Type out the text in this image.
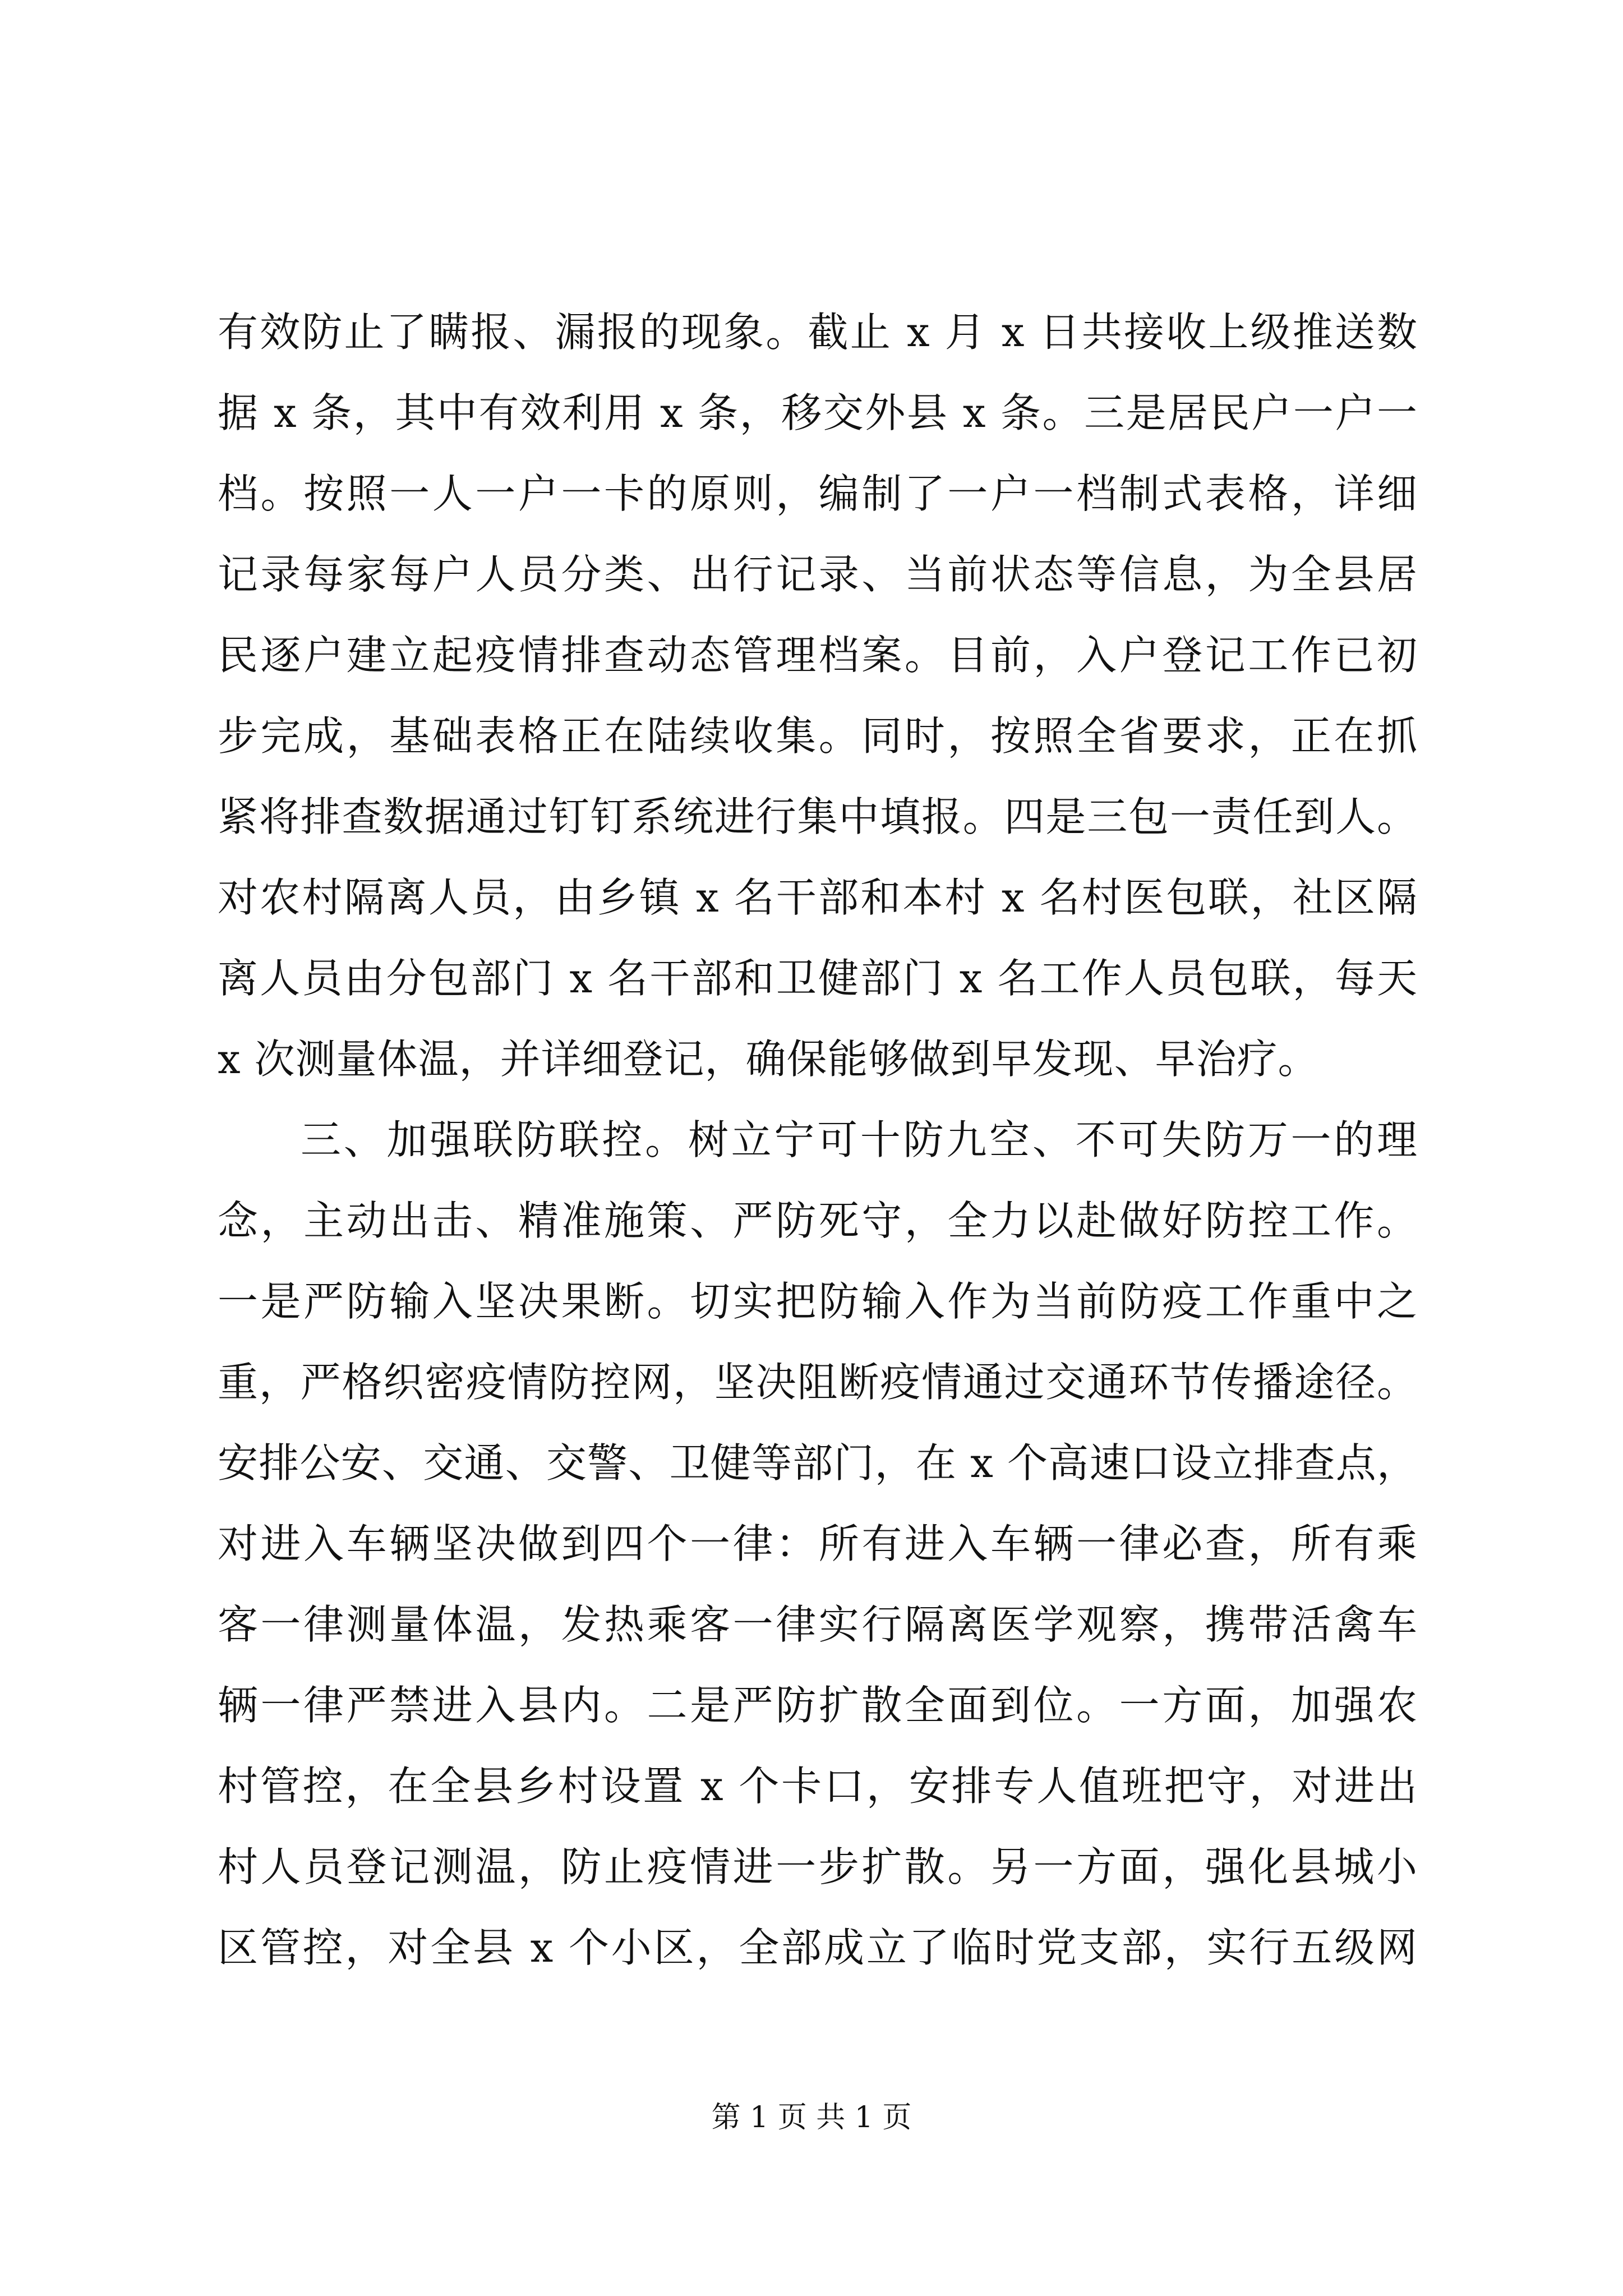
有效防止了瞒报、漏报的现象。截止 x 月 x 日共接收上级推送数
据 x 条，其中有效利用 x 条，移交外县 x 条。三是居民户一户一
档。按照一人一户一卡的原则，编制了一户一档制式表格，详细
记录每家每户人员分类、出行记录、当前状态等信息，为全县居
民逐户建立起疫情排查动态管理档案。目前，入户登记工作已初
步完成，基础表格正在陆续收集。同时，按照全省要求，正在抓
紧将排查数据通过钉钉系统进行集中填报。四是三包一责任到人。
对农村隔离人员，由乡镇 x 名干部和本村 x 名村医包联，社区隔
离人员由分包部门 x 名干部和卫健部门 x 名工作人员包联，每天
x 次测量体温，并详细登记，确保能够做到早发现、早治疗。
三、加强联防联控。树立宁可十防九空、不可失防万一的理
念，主动出击、精准施策、严防死守，全力以赴做好防控工作。
一是严防输入坚决果断。切实把防输入作为当前防疫工作重中之
重，严格织密疫情防控网，坚决阻断疫情通过交通环节传播途径。
安排公安、交通、交警、卫健等部门，在 x 个高速口设立排查点，
对进入车辆坚决做到四个一律：所有进入车辆一律必查，所有乘
客一律测量体温，发热乘客一律实行隔离医学观察，携带活禽车
辆一律严禁进入县内。二是严防扩散全面到位。一方面，加强农
村管控，在全县乡村设置 x 个卡口，安排专人值班把守，对进出
村人员登记测温，防止疫情进一步扩散。另一方面，强化县城小
区管控，对全县 x 个小区，全部成立了临时党支部，实行五级网
第 1 页 共 1 页
